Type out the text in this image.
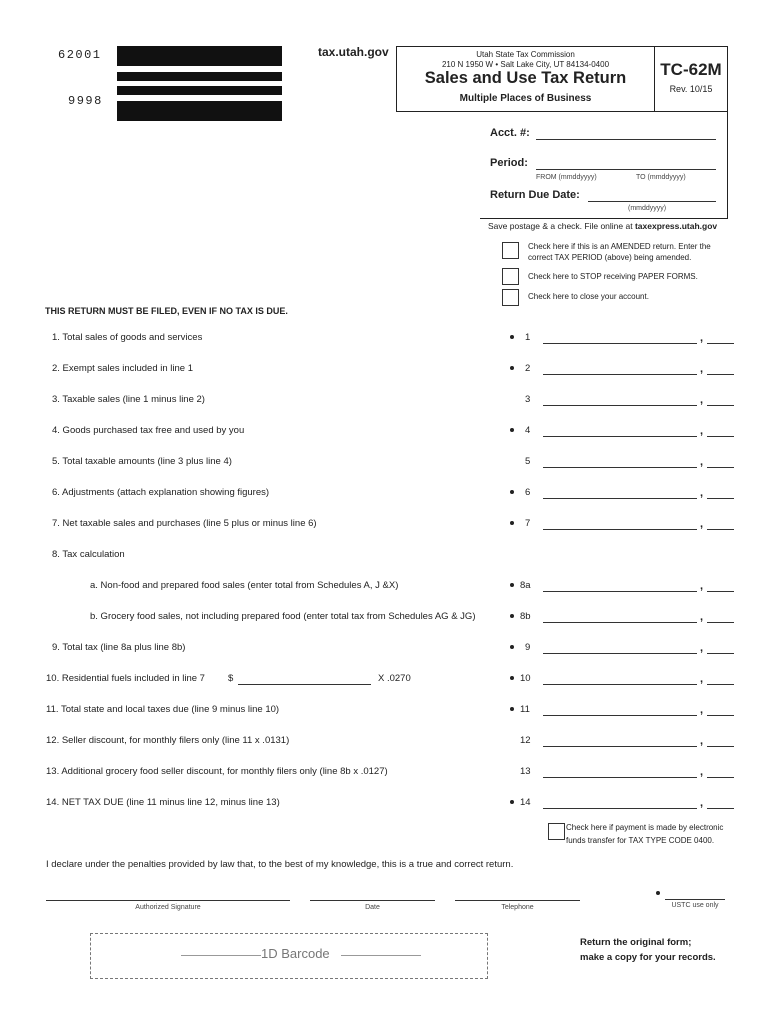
62001
9998
tax.utah.gov	Utah State Tax Commission
210 N 1950 W • Salt Lake City, UT 84134-0400
Sales and Use Tax Return
Multiple Places of Business
TC-62M
Rev. 10/15
Acct. #:
Period:
FROM (mmddyyyy)	TO (mmddyyyy)
Return Due Date:
(mmddyyyy)
Save postage & a check. File online at taxexpress.utah.gov
Check here if this is an AMENDED return. Enter the correct TAX PERIOD (above) being amended.
Check here to STOP receiving PAPER FORMS.
Check here to close your account.
THIS RETURN MUST BE FILED, EVEN IF NO TAX IS DUE.
1. Total sales of goods and services	1	,
2. Exempt sales included in line 1	2	,
3. Taxable sales (line 1 minus line 2)	3	,
4. Goods purchased tax free and used by you	4	,
5. Total taxable amounts (line 3 plus line 4)	5	,
6. Adjustments (attach explanation showing figures)	6	,
7. Net taxable sales and purchases (line 5 plus or minus line 6)	7	,
8. Tax calculation
a. Non-food and prepared food sales (enter total from Schedules A, J &X)	8a	,
b. Grocery food sales, not including prepared food (enter total tax from Schedules AG & JG)	8b	,
9. Total tax (line 8a plus line 8b)	9	,
10. Residential fuels included in line 7 $	X .0270	10	,
11. Total state and local taxes due (line 9 minus line 10)	11	,
12. Seller discount, for monthly filers only (line 11 x .0131)	12	,
13. Additional grocery food seller discount, for monthly filers only (line 8b x .0127)	13	,
14. NET TAX DUE (line 11 minus line 12, minus line 13)	14	,
Check here if payment is made by electronic funds transfer for TAX TYPE CODE 0400.
I declare under the penalties provided by law that, to the best of my knowledge, this is a true and correct return.
Authorized Signature	Date	Telephone	USTC use only
1D Barcode
Return the original form;
make a copy for your records.
